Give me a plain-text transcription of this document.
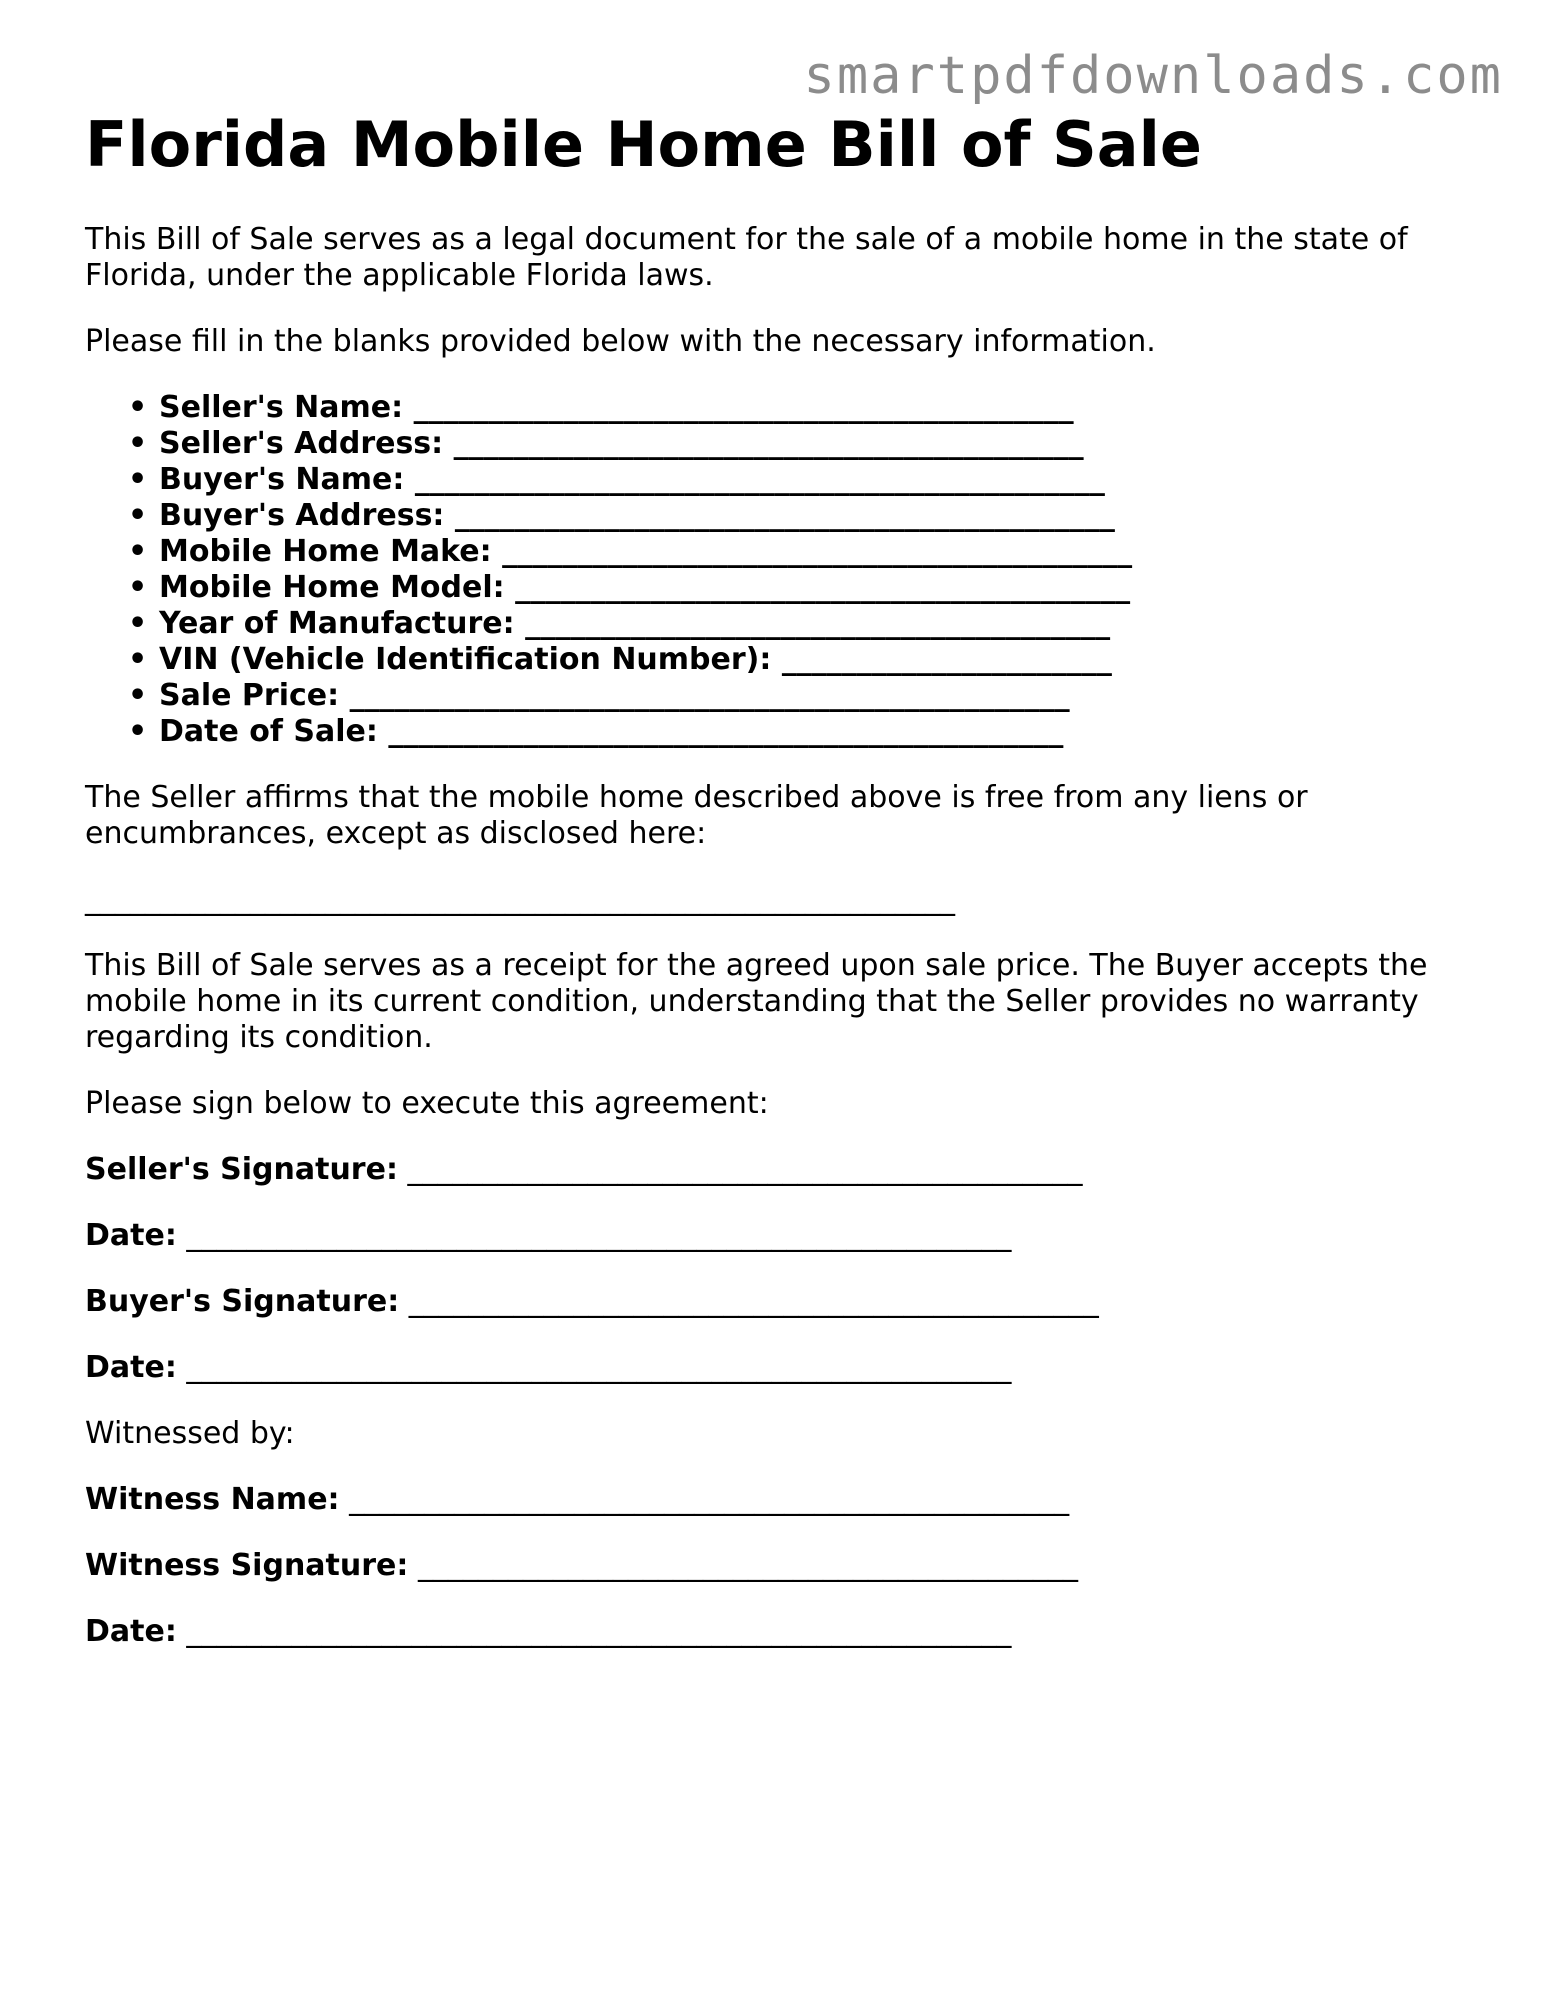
smartpdfdownloads.com
Florida Mobile Home Bill of Sale

This Bill of Sale serves as a legal document for the sale of a mobile home in the state of Florida, under the applicable Florida laws.

Please fill in the blanks provided below with the necessary information.

• Seller's Name: ____________________________________________
• Seller's Address: __________________________________________
• Buyer's Name: ______________________________________________
• Buyer's Address: ____________________________________________
• Mobile Home Make: __________________________________________
• Mobile Home Model: _________________________________________
• Year of Manufacture: _______________________________________
• VIN (Vehicle Identification Number): ______________________
• Sale Price: ________________________________________________
• Date of Sale: _____________________________________________

The Seller affirms that the mobile home described above is free from any liens or encumbrances, except as disclosed here:

__________________________________________________________

This Bill of Sale serves as a receipt for the agreed upon sale price. The Buyer accepts the mobile home in its current condition, understanding that the Seller provides no warranty regarding its condition.

Please sign below to execute this agreement:

Seller's Signature: _____________________________________________

Date: _______________________________________________________

Buyer's Signature: ______________________________________________

Date: _______________________________________________________

Witnessed by:

Witness Name: ________________________________________________

Witness Signature: ____________________________________________

Date: _______________________________________________________
